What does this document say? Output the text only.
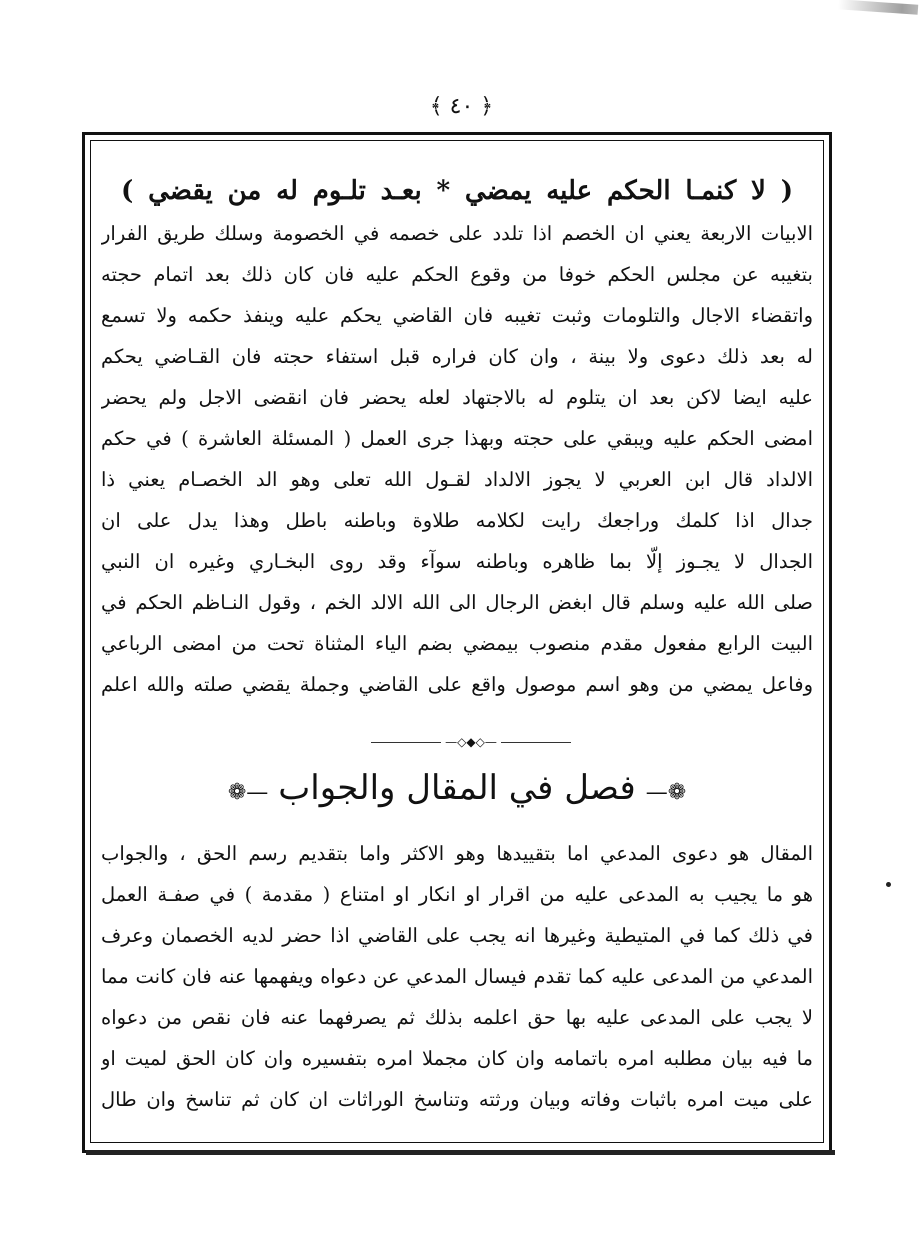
﴿ ٤٠ ﴾
( لا كنمـا الحكم عليه يمضي * بعـد تلـوم له من يقضي )
الابيات الاربعة يعني ان الخصم اذا تلدد على خصمه في الخصومة وسلك طريق الفرار
بتغيبه عن مجلس الحكم خوفا من وقوع الحكم عليه فان كان ذلك بعد اتمام حجته
واتقضاء الاجال والتلومات وثبت تغيبه فان القاضي يحكم عليه وينفذ حكمه ولا تسمع
له بعد ذلك دعوى ولا بينة ، وان كان فراره قبل استفاء حجته فان القـاضي يحكم
عليه ايضا لاكن بعد ان يتلوم له بالاجتهاد لعله يحضر فان انقضى الاجل ولم يحضر
امضى الحكم عليه ويبقي على حجته وبهذا جرى العمل ( المسئلة العاشرة ) في حكم
الالداد قال ابن العربي لا يجوز الالداد لقـول الله تعلى وهو الد الخصـام يعني ذا
جدال اذا كلمك وراجعك رايت لكلامه طلاوة وباطنه باطل وهذا يدل على ان
الجدال لا يجـوز إلّا بما ظاهره وباطنه سوآء وقد روى البخـاري وغيره ان النبي
صلى الله عليه وسلم قال ابغض الرجال الى الله الالد الخم ، وقول النـاظم الحكم في
البيت الرابع مفعول مقدم منصوب بيمضي بضم الياء المثناة تحت من امضى الرباعي
وفاعل يمضي من وهو اسم موصول واقع على القاضي وجملة يقضي صلته والله اعلم
—◇◆◇—
❁—فصل في المقال والجواب—❁
المقال هو دعوى المدعي اما بتقييدها وهو الاكثر واما بتقديم رسم الحق ، والجواب
هو ما يجيب به المدعى عليه من اقرار او انكار او امتناع ( مقدمة ) في صفـة العمل
في ذلك كما في المتيطية وغيرها انه يجب على القاضي اذا حضر لديه الخصمان وعرف
المدعي من المدعى عليه كما تقدم فيسال المدعي عن دعواه ويفهمها عنه فان كانت مما
لا يجب على المدعى عليه بها حق اعلمه بذلك ثم يصرفهما عنه فان نقص من دعواه
ما فيه بيان مطلبه امره باتمامه وان كان مجملا امره بتفسيره وان كان الحق لميت او
على ميت امره باثبات وفاته وبيان ورثته وتناسخ الوراثات ان كان ثم تناسخ وان طال
